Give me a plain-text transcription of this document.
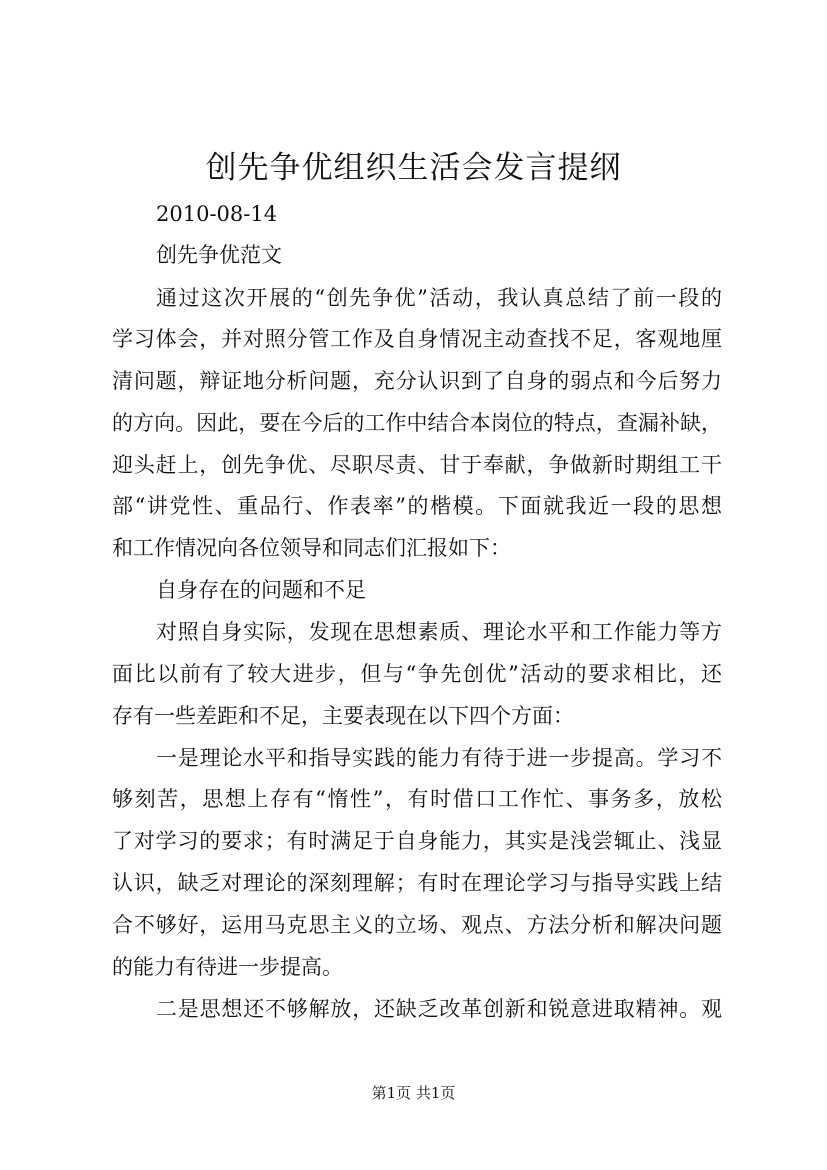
创先争优组织生活会发言提纲
2010-08-14
创先争优范文
通过这次开展的“创先争优”活动，我认真总结了前一段的
学习体会，并对照分管工作及自身情况主动查找不足，客观地厘
清问题，辩证地分析问题，充分认识到了自身的弱点和今后努力
的方向。因此，要在今后的工作中结合本岗位的特点，查漏补缺，
迎头赶上，创先争优、尽职尽责、甘于奉献，争做新时期组工干
部“讲党性、重品行、作表率”的楷模。下面就我近一段的思想
和工作情况向各位领导和同志们汇报如下：
自身存在的问题和不足
对照自身实际，发现在思想素质、理论水平和工作能力等方
面比以前有了较大进步，但与“争先创优”活动的要求相比，还
存有一些差距和不足，主要表现在以下四个方面：
一是理论水平和指导实践的能力有待于进一步提高。学习不
够刻苦，思想上存有“惰性”，有时借口工作忙、事务多，放松
了对学习的要求；有时满足于自身能力，其实是浅尝辄止、浅显
认识，缺乏对理论的深刻理解；有时在理论学习与指导实践上结
合不够好，运用马克思主义的立场、观点、方法分析和解决问题
的能力有待进一步提高。
二是思想还不够解放，还缺乏改革创新和锐意进取精神。观
第1页 共1页
